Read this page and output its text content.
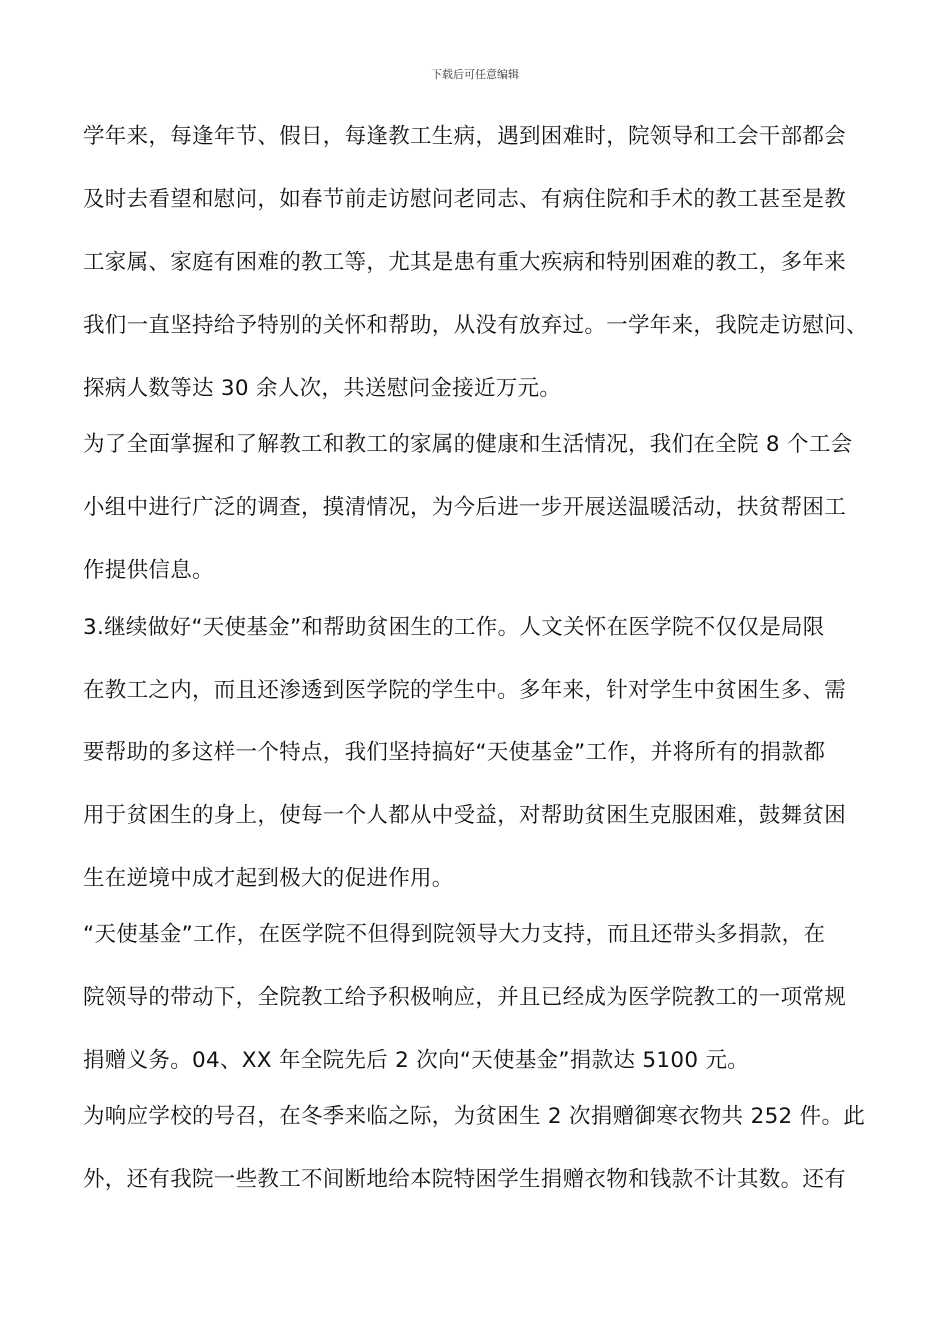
下载后可任意编辑
学年来，每逢年节、假日，每逢教工生病，遇到困难时，院领导和工会干部都会
及时去看望和慰问，如春节前走访慰问老同志、有病住院和手术的教工甚至是教
工家属、家庭有困难的教工等，尤其是患有重大疾病和特别困难的教工，多年来
我们一直坚持给予特别的关怀和帮助，从没有放弃过。一学年来，我院走访慰问、
探病人数等达 30 余人次，共送慰问金接近万元。
为了全面掌握和了解教工和教工的家属的健康和生活情况，我们在全院 8 个工会
小组中进行广泛的调查，摸清情况，为今后进一步开展送温暖活动，扶贫帮困工
作提供信息。
3.继续做好“天使基金”和帮助贫困生的工作。人文关怀在医学院不仅仅是局限
在教工之内，而且还渗透到医学院的学生中。多年来，针对学生中贫困生多、需
要帮助的多这样一个特点，我们坚持搞好“天使基金”工作，并将所有的捐款都
用于贫困生的身上，使每一个人都从中受益，对帮助贫困生克服困难，鼓舞贫困
生在逆境中成才起到极大的促进作用。
“天使基金”工作，在医学院不但得到院领导大力支持，而且还带头多捐款，在
院领导的带动下，全院教工给予积极响应，并且已经成为医学院教工的一项常规
捐赠义务。04、XX 年全院先后 2 次向“天使基金”捐款达 5100 元。
为响应学校的号召，在冬季来临之际，为贫困生 2 次捐赠御寒衣物共 252 件。此
外，还有我院一些教工不间断地给本院特困学生捐赠衣物和钱款不计其数。还有
